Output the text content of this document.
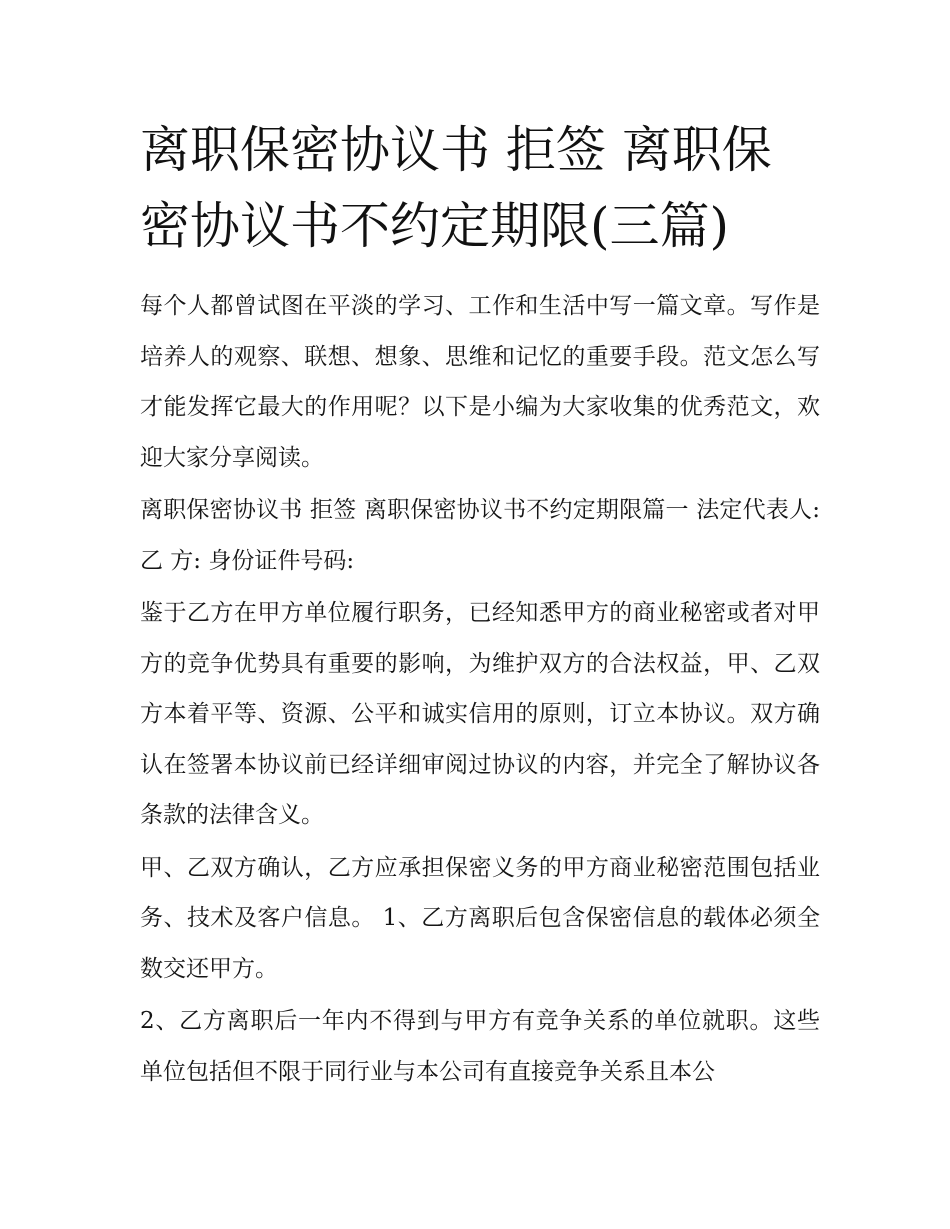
离职保密协议书 拒签 离职保密协议书不约定期限(三篇)

每个人都曾试图在平淡的学习、工作和生活中写一篇文章。写作是培养人的观察、联想、想象、思维和记忆的重要手段。范文怎么写才能发挥它最大的作用呢？以下是小编为大家收集的优秀范文，欢迎大家分享阅读。

离职保密协议书 拒签 离职保密协议书不约定期限篇一 法定代表人: 乙 方: 身份证件号码:

鉴于乙方在甲方单位履行职务，已经知悉甲方的商业秘密或者对甲方的竞争优势具有重要的影响，为维护双方的合法权益，甲、乙双方本着平等、资源、公平和诚实信用的原则，订立本协议。双方确认在签署本协议前已经详细审阅过协议的内容，并完全了解协议各条款的法律含义。

甲、乙双方确认，乙方应承担保密义务的甲方商业秘密范围包括业务、技术及客户信息。 1、乙方离职后包含保密信息的载体必须全数交还甲方。

2、乙方离职后一年内不得到与甲方有竞争关系的单位就职。这些单位包括但不限于同行业与本公司有直接竞争关系且本公
